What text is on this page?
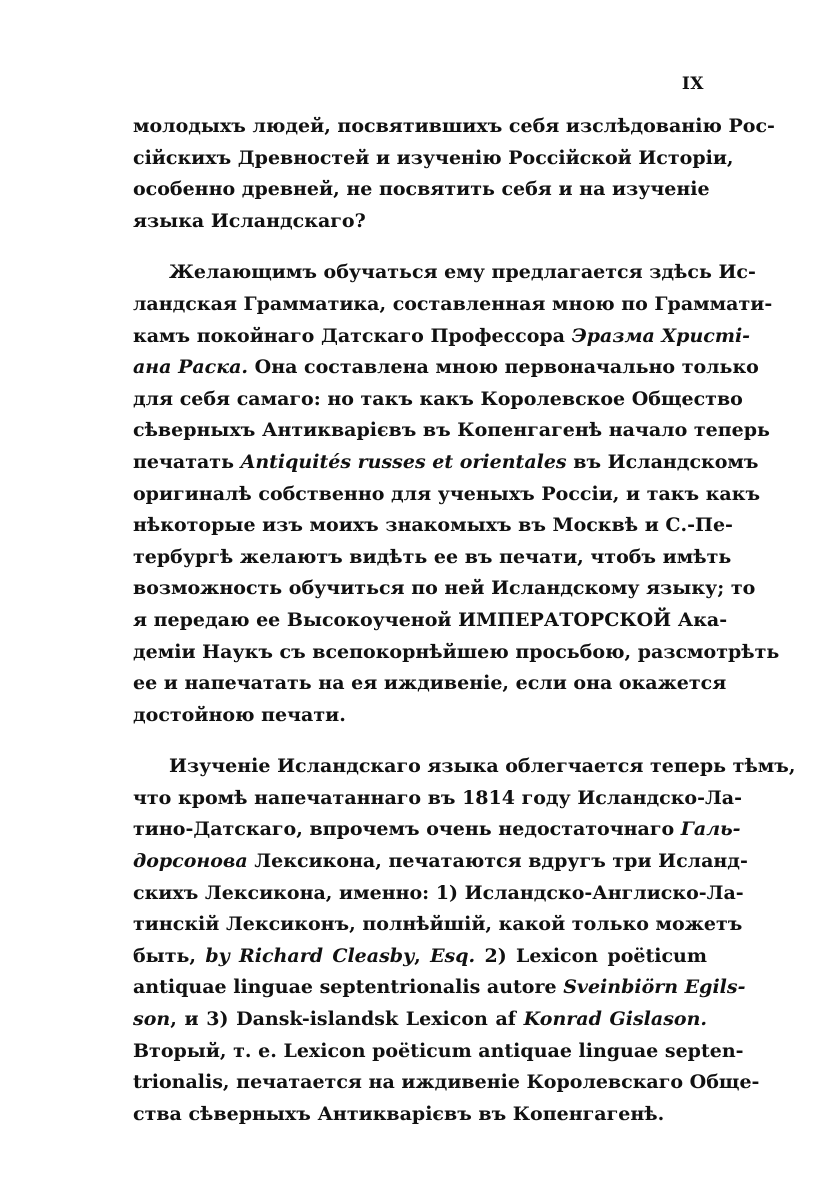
IX
молодыхъ людей, посвятившихъ себя изслѣдованію Рос-
сійскихъ Древностей и изученію Россійской Исторіи,
особенно древней, не посвятить себя и на изученіе
языка Исландскаго?
Желающимъ обучаться ему предлагается здѣсь Ис-
ландская Грамматика, составленная мною по Граммати-
камъ покойнаго Датскаго Профессора Эразма Христі-
ана Раска. Она составлена мною первоначально только
для себя самаго: но такъ какъ Королевское Общество
сѣверныхъ Антикварієвъ въ Копенгагенѣ начало теперь
печатать Antiquités russes et orientales въ Исландскомъ
оригиналѣ собственно для ученыхъ Россіи, и такъ какъ
нѣкоторые изъ моихъ знакомыхъ въ Москвѣ и С.-Пе-
тербургѣ желаютъ видѣть ее въ печати, чтобъ имѣть
возможность обучиться по ней Исландскому языку; то
я передаю ее Высокоученой ИМПЕРАТОРСКОЙ Ака-
деміи Наукъ съ всепокорнѣйшею просьбою, разсмотрѣть
ее и напечатать на ея иждивеніе, если она окажется
достойною печати.
Изученіе Исландскаго языка облегчается теперь тѣмъ,
что кромѣ напечатаннаго въ 1814 году Исландско-Ла-
тино-Датскаго, впрочемъ очень недостаточнаго Галь-
дорсонова Лексикона, печатаются вдругъ три Исланд-
скихъ Лексикона, именно: 1) Исландско-Англиско-Ла-
тинскій Лексиконъ, полнѣйшій, какой только можетъ
быть, by Richard Cleasby, Esq. 2) Lexicon poëticum
antiquae linguae septentrionalis autore Sveinbiörn Egils-
son, и 3) Dansk-islandsk Lexicon af Konrad Gislason.
Вторый, т. е. Lexicon poëticum antiquae linguae septen-
trionalis, печатается на иждивеніе Королевскаго Обще-
ства сѣверныхъ Антикварієвъ въ Копенгагенѣ.
